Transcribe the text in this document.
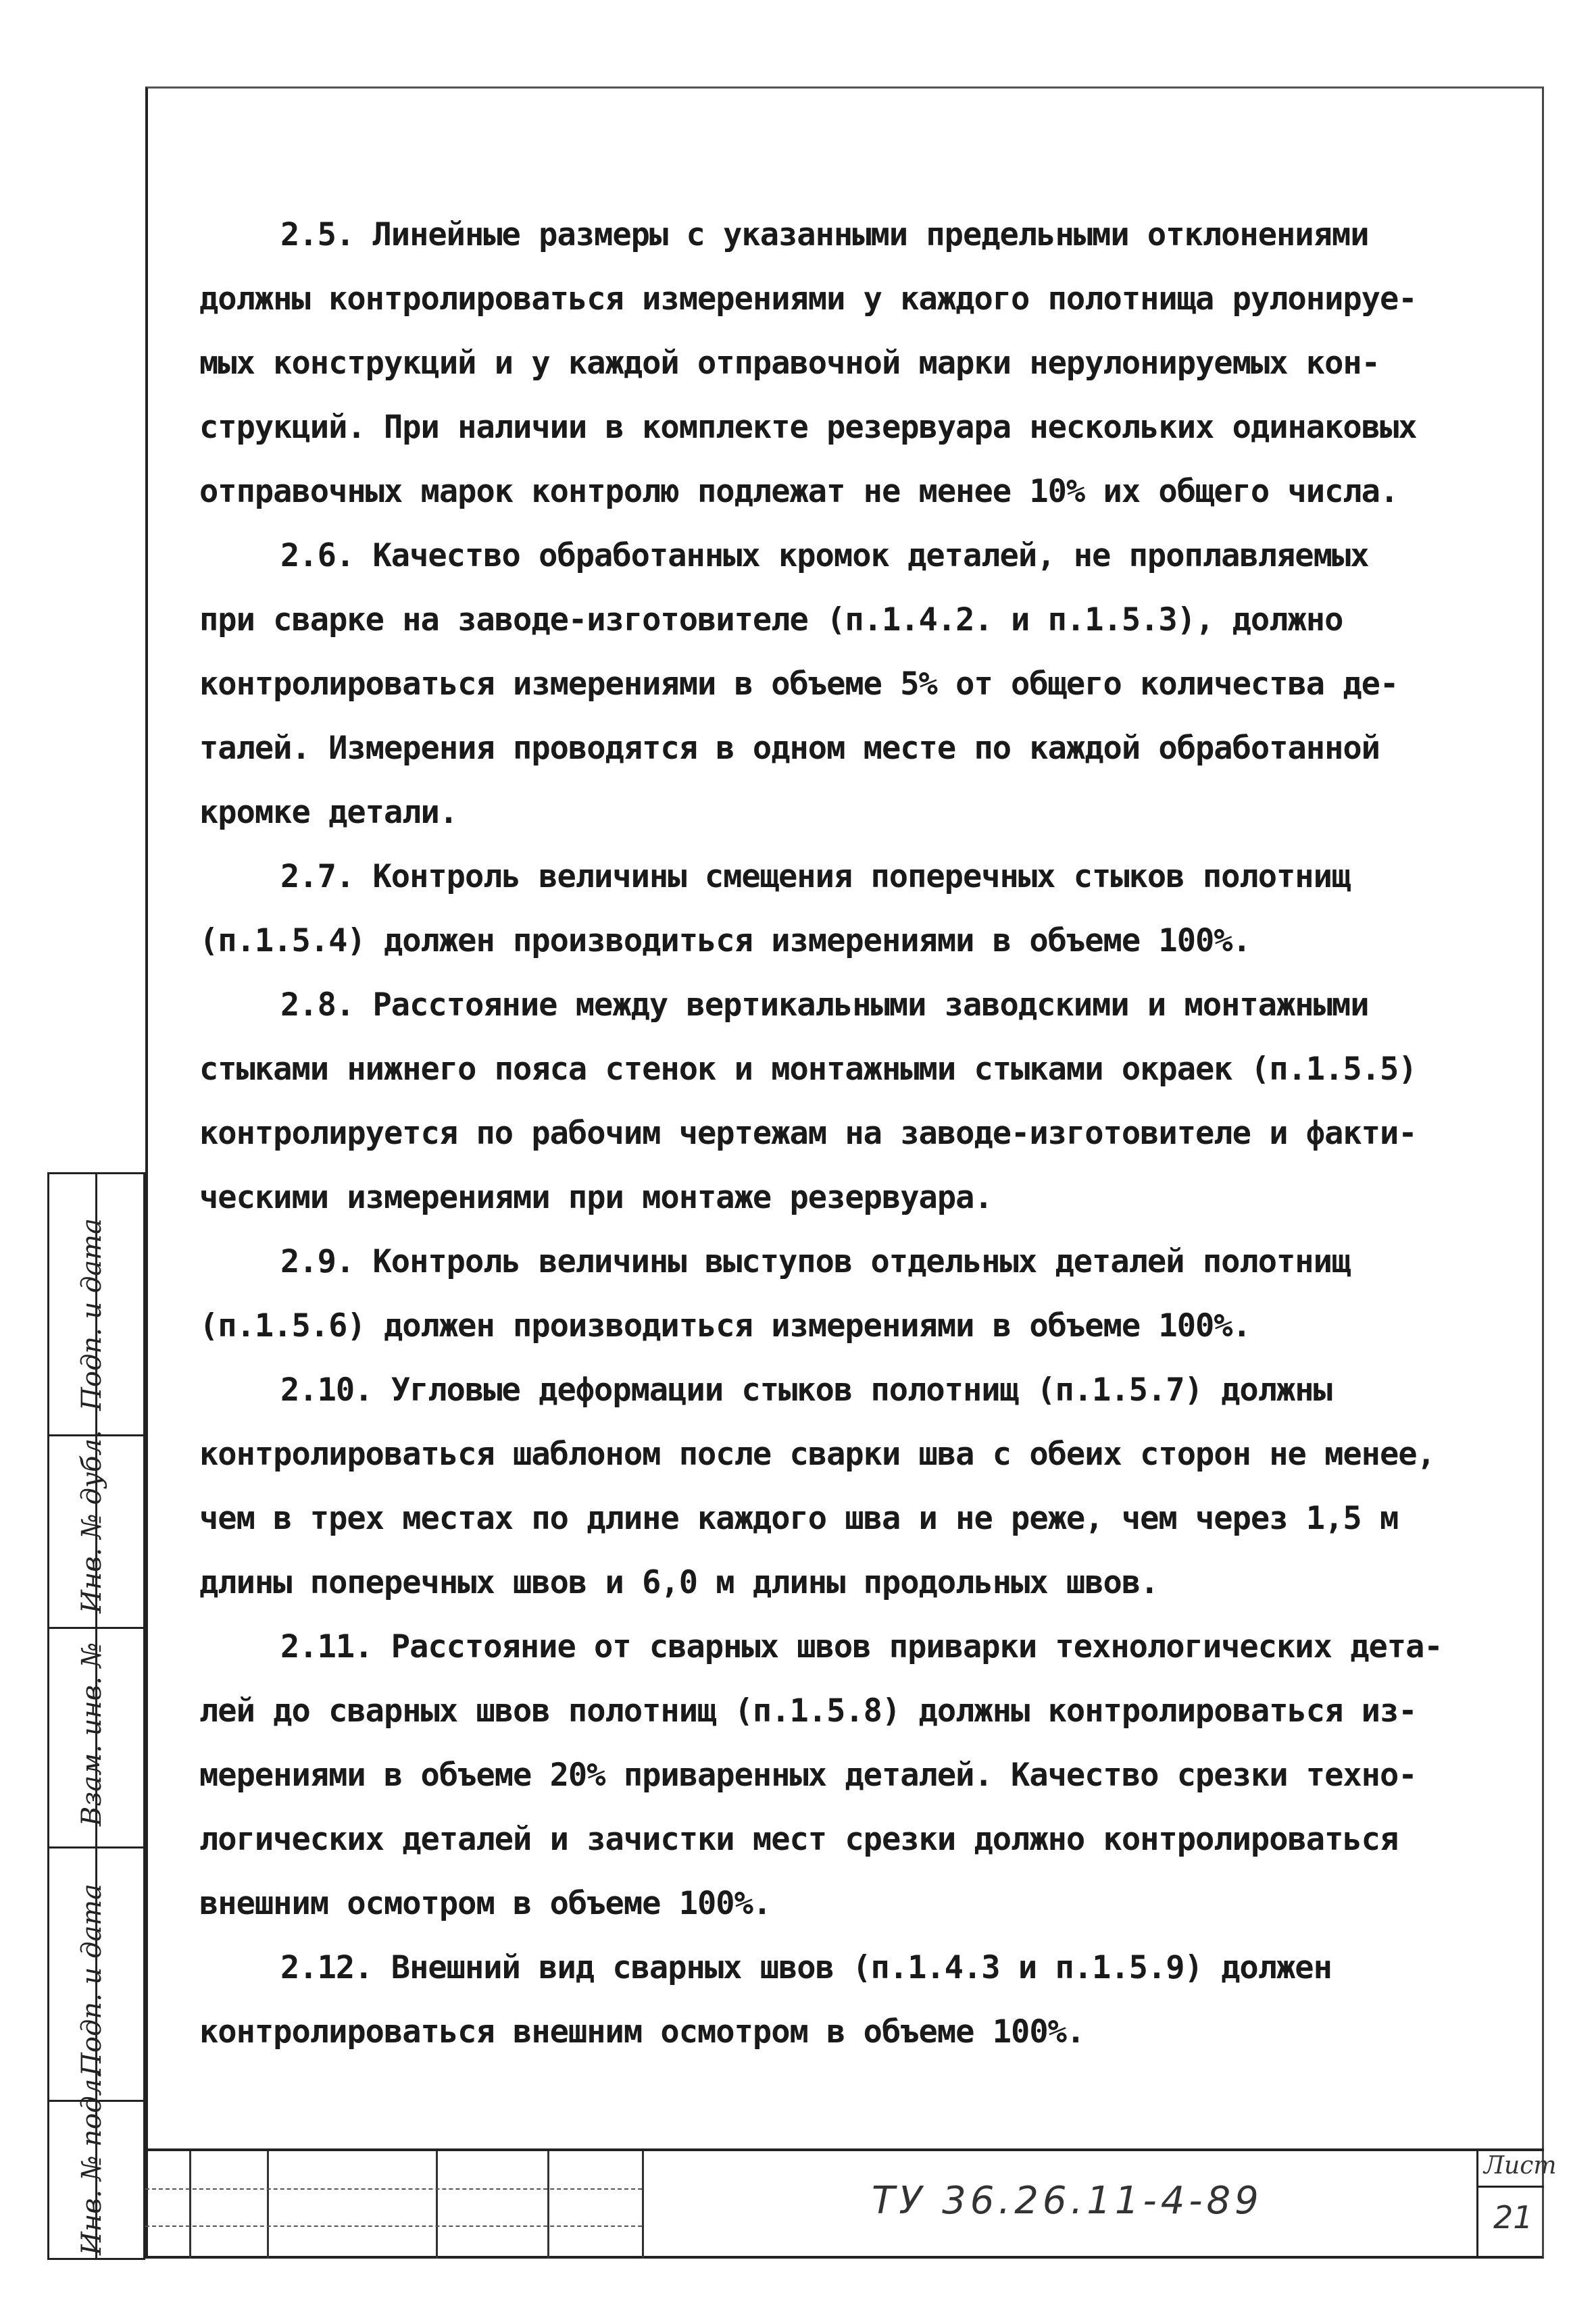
2.5. Линейные размеры с указанными предельными отклонениями
должны контролироваться измерениями у каждого полотнища рулонируе-
мых конструкций и у каждой отправочной марки нерулонируемых кон-
струкций. При наличии в комплекте резервуара нескольких одинаковых
отправочных марок контролю подлежат не менее 10% их общего числа.
2.6. Качество обработанных кромок деталей, не проплавляемых
при сварке на заводе-изготовителе (п.1.4.2. и п.1.5.3), должно
контролироваться измерениями в объеме 5% от общего количества де-
талей. Измерения проводятся в одном месте по каждой обработанной
кромке детали.
2.7. Контроль величины смещения поперечных стыков полотнищ
(п.1.5.4) должен производиться измерениями в объеме 100%.
2.8. Расстояние между вертикальными заводскими и монтажными
стыками нижнего пояса стенок и монтажными стыками окраек (п.1.5.5)
контролируется по рабочим чертежам на заводе-изготовителе и факти-
ческими измерениями при монтаже резервуара.
2.9. Контроль величины выступов отдельных деталей полотнищ
(п.1.5.6) должен производиться измерениями в объеме 100%.
2.10. Угловые деформации стыков полотнищ (п.1.5.7) должны
контролироваться шаблоном после сварки шва с обеих сторон не менее,
чем в трех местах по длине каждого шва и не реже, чем через 1,5 м
длины поперечных швов и 6,0 м длины продольных швов.
2.11. Расстояние от сварных швов приварки технологических дета-
лей до сварных швов полотнищ (п.1.5.8) должны контролироваться из-
мерениями в объеме 20% приваренных деталей. Качество срезки техно-
логических деталей и зачистки мест срезки должно контролироваться
внешним осмотром в объеме 100%.
2.12. Внешний вид сварных швов (п.1.4.3 и п.1.5.9) должен
контролироваться внешним осмотром в объеме 100%.
Подп. и дата
Инв. № дубл.
Взам. инв. №
Подп. и дата
Инв. № подл.	ТУ 36.26.11-4-89
Лист
21
